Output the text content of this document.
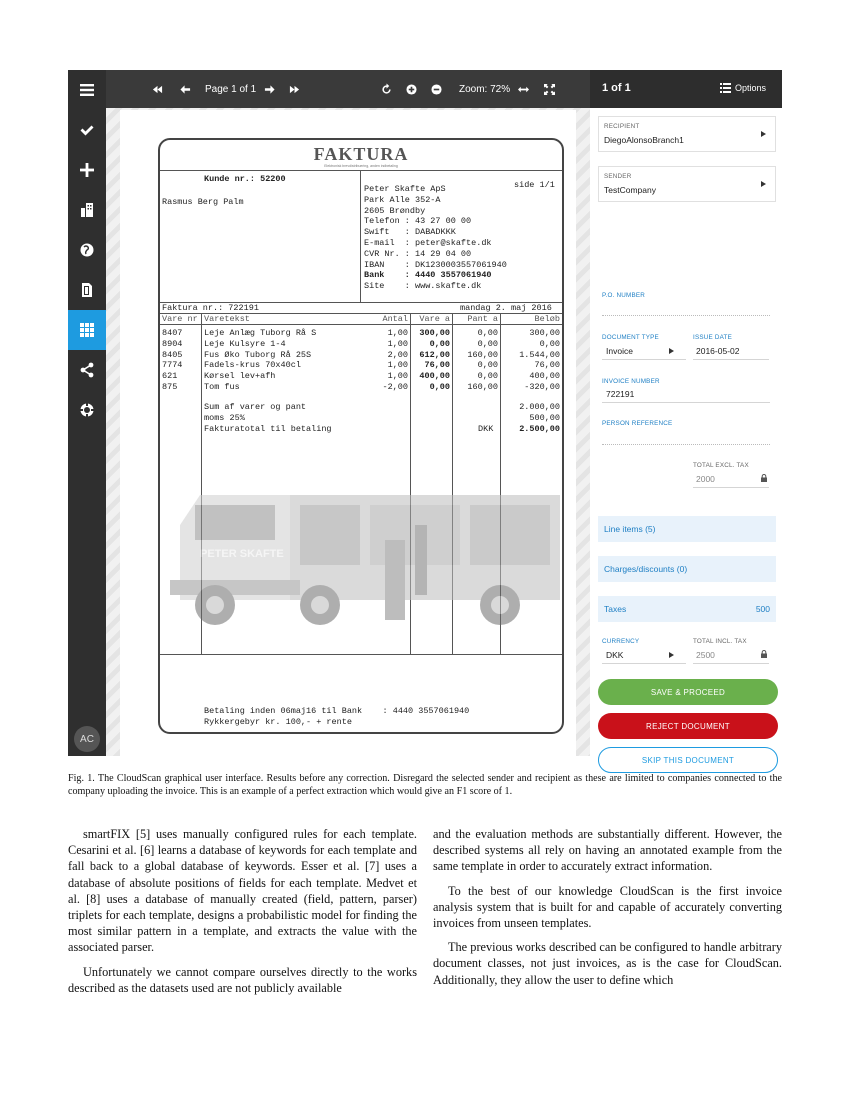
AC
Page 1 of 1	Zoom: 72%
FAKTURA
Elektronisk brevdistribuering, anden indbetaling
Kunde nr.: 52200
side 1/1
Rasmus Berg Palm
Peter Skafte ApS
Park Alle 352-A
2605 Brøndby
Telefon : 43 27 00 00
Swift   : DABADKKK
E-mail  : peter@skafte.dk
CVR Nr. : 14 29 04 00
IBAN    : DK1230003557061940
Bank    : 4440 3557061940
Site    : www.skafte.dk
Faktura nr.: 722191	mandag 2. maj 2016
Vare nr Varetekst	Antal	Vare a	Pant a	Beløb
8407	Leje Anlæg Tuborg Rå S	1,00	300,00	0,00	300,00
8904	Leje Kulsyre 1-4	1,00	0,00	0,00	0,00
8405	Fus Øko Tuborg Rå 25S	2,00	612,00	160,00	1.544,00
7774	Fadels-krus 70x40cl	1,00	76,00	0,00	76,00
621	Kørsel lev+afh	1,00	400,00	0,00	400,00
875	Tom fus	-2,00	0,00	160,00	-320,00
Sum af varer og pant	2.000,00
moms 25%	500,00
Fakturatotal til betaling	DKK	2.500,00
PETER SKAFTE
Betaling inden 06maj16 til Bank    : 4440 3557061940
Rykkergebyr kr. 100,- + rente
1 of 1	Options
RECIPIENT
DiegoAlonsoBranch1
SENDER
TestCompany
P.O. NUMBER
DOCUMENT TYPE
Invoice
ISSUE DATE
2016-05-02
INVOICE NUMBER
722191
PERSON REFERENCE
TOTAL EXCL. TAX
2000
Line items (5)
Charges/discounts (0)
Taxes	500
CURRENCY
DKK
TOTAL INCL. TAX
2500
SAVE & PROCEED
REJECT DOCUMENT
SKIP THIS DOCUMENT
Fig. 1. The CloudScan graphical user interface. Results before any correction. Disregard the selected sender and recipient as these are limited to companies connected to the company uploading the invoice. This is an example of a perfect extraction which would give an F1 score of 1.

smartFIX [5] uses manually configured rules for each template. Cesarini et al. [6] learns a database of keywords for each template and fall back to a global database of keywords. Esser et al. [7] uses a database of absolute positions of fields for each template. Medvet et al. [8] uses a database of manually created (field, pattern, parser) triplets for each template, designs a probabilistic model for finding the most similar pattern in a template, and extracts the value with the associated parser.

Unfortunately we cannot compare ourselves directly to the works described as the datasets used are not publicly available

and the evaluation methods are substantially different. However, the described systems all rely on having an annotated example from the same template in order to accurately extract information.

To the best of our knowledge CloudScan is the first invoice analysis system that is built for and capable of accurately converting invoices from unseen templates.

The previous works described can be configured to handle arbitrary document classes, not just invoices, as is the case for CloudScan. Additionally, they allow the user to define which
